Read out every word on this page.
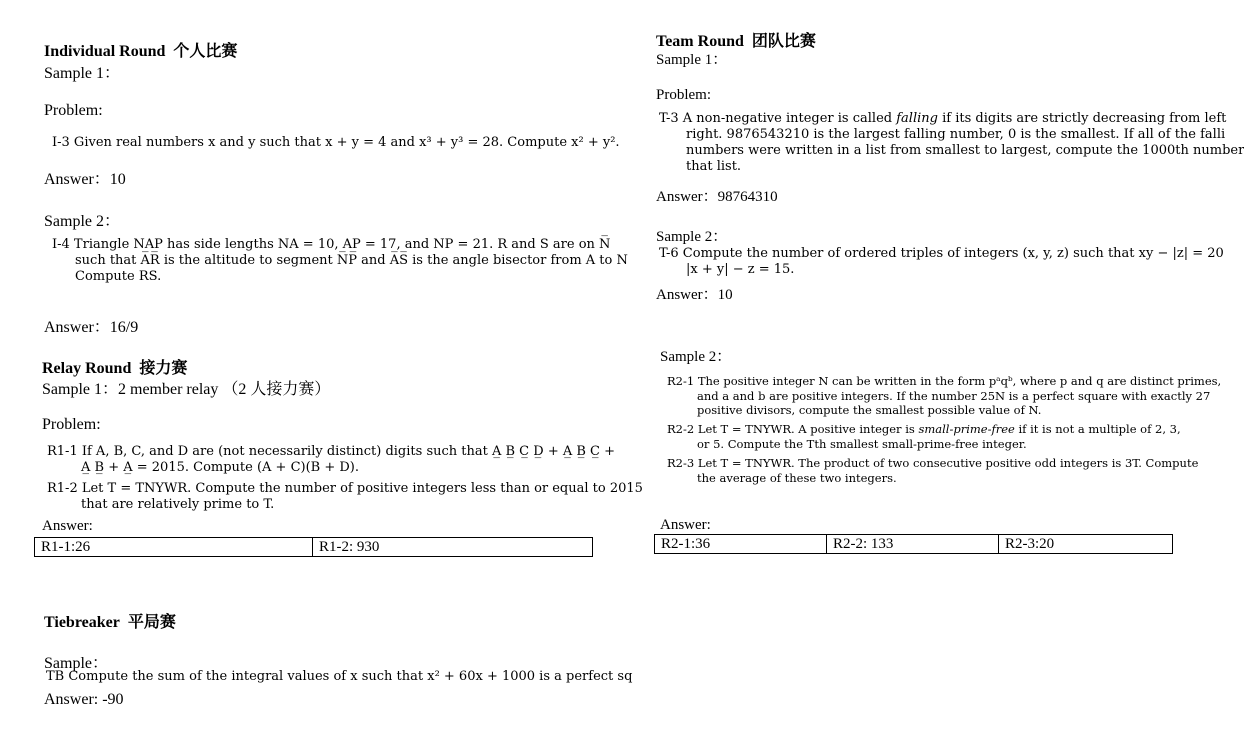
Individual Round 个人比赛
Sample 1：
Problem:
I-3 Given real numbers x and y such that x + y = 4 and x³ + y³ = 28. Compute x² + y².
Answer：10
Sample 2：
I-4 Triangle NAP has side lengths NA = 10, AP = 17, and NP = 21. R and S are on N̅
such that A̅R̅ is the altitude to segment N̅P̅ and A̅S̅ is the angle bisector from A to N
Compute RS.
Answer：16/9
Relay Round 接力赛
Sample 1：2 member relay （2 人接力赛）
Problem:
R1-1 If A, B, C, and D are (not necessarily distinct) digits such that A̲ B̲ C̲ D̲ + A̲ B̲ C̲ +
A̲ B̲ + A̲ = 2015. Compute (A + C)(B + D).
R1-2 Let T = TNYWR. Compute the number of positive integers less than or equal to 2015
that are relatively prime to T.
Answer:
R1-1:26	R1-2: 930
Tiebreaker 平局赛
Sample：
TB Compute the sum of the integral values of x such that x² + 60x + 1000 is a perfect sq
Answer: -90
Team Round 团队比赛
Sample 1：
Problem:
T-3 A non-negative integer is called falling if its digits are strictly decreasing from left
right. 9876543210 is the largest falling number, 0 is the smallest. If all of the falli
numbers were written in a list from smallest to largest, compute the 1000th number
that list.
Answer：98764310
Sample 2：
T-6 Compute the number of ordered triples of integers (x, y, z) such that xy − |z| = 20
|x + y| − z = 15.
Answer：10
Sample 2：
R2-1 The positive integer N can be written in the form pᵃqᵇ, where p and q are distinct primes,
and a and b are positive integers. If the number 25N is a perfect square with exactly 27
positive divisors, compute the smallest possible value of N.
R2-2 Let T = TNYWR. A positive integer is small-prime-free if it is not a multiple of 2, 3,
or 5. Compute the Tth smallest small-prime-free integer.
R2-3 Let T = TNYWR. The product of two consecutive positive odd integers is 3T. Compute
the average of these two integers.
Answer:
R2-1:36	R2-2: 133	R2-3:20
